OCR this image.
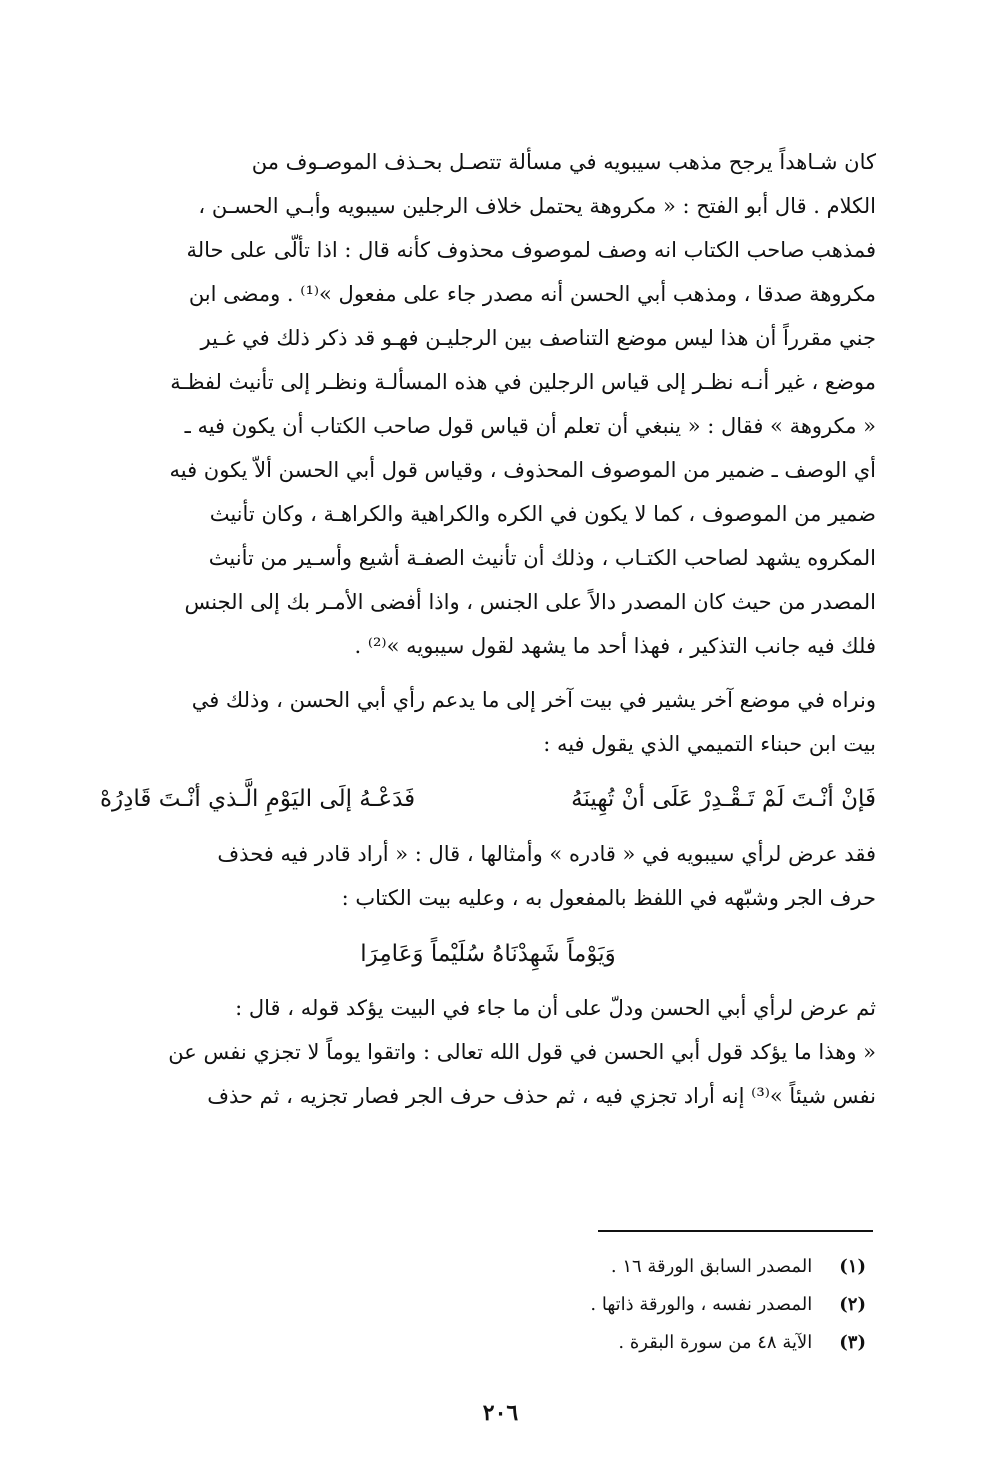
كان شـاهداً يرجح مذهب سيبويه في مسألة تتصـل بحـذف الموصـوف من

الكلام . قال أبو الفتح : « مكروهة يحتمل خلاف الرجلين سيبويه وأبـي الحسـن ،

فمذهب صاحب الكتاب انه وصف لموصوف محذوف كأنه قال : اذا تألّى على حالة

مكروهة صدقا ، ومذهب أبي الحسن أنه مصدر جاء على مفعول »⁽¹⁾ . ومضى ابن

جني مقرراً أن هذا ليس موضع التناصف بين الرجليـن فهـو قد ذكر ذلك في غـير

موضع ، غير أنـه نظـر إلى قياس الرجلين في هذه المسألـة ونظـر إلى تأنيث لفظـة

« مكروهة » فقال : « ينبغي أن تعلم أن قياس قول صاحب الكتاب أن يكون فيه ـ

أي الوصف ـ ضمير من الموصوف المحذوف ، وقياس قول أبي الحسن ألاّ يكون فيه

ضمير من الموصوف ، كما لا يكون في الكره والكراهية والكراهـة ، وكان تأنيث

المكروه يشهد لصاحب الكتـاب ، وذلك أن تأنيث الصفـة أشيع وأسـير من تأنيث

المصدر من حيث كان المصدر دالاً على الجنس ، واذا أفضى الأمـر بك إلى الجنس

فلك فيه جانب التذكير ، فهذا أحد ما يشهد لقول سيبويه »⁽²⁾ .

ونراه في موضع آخر يشير في بيت آخر إلى ما يدعم رأي أبي الحسن ، وذلك في

بيت ابن حبناء التميمي الذي يقول فيه :

فَإنْ أنْـتَ لَمْ تَـقْـدِرْ عَلَى أنْ تُهِينَهُ
فَدَعْـهُ إلَى اليَوْمِ الَّـذي أنْـتَ قَادِرُهْ

فقد عرض لرأي سيبويه في « قادره » وأمثالها ، قال : « أراد قادر فيه فحذف

حرف الجر وشبّهه في اللفظ بالمفعول به ، وعليه بيت الكتاب :

وَيَوْماً شَهِدْنَاهُ سُلَيْماً وَعَامِرَا

ثم عرض لرأي أبي الحسن ودلّ على أن ما جاء في البيت يؤكد قوله ، قال :

« وهذا ما يؤكد قول أبي الحسن في قول الله تعالى : واتقوا يوماً لا تجزي نفس عن

نفس شيئاً »⁽³⁾ إنه أراد تجزي فيه ، ثم حذف حرف الجر فصار تجزيه ، ثم حذف

(١) المصدر السابق الورقة ١٦ .
(٢) المصدر نفسه ، والورقة ذاتها .
(٣) الآية ٤٨ من سورة البقرة .
٢٠٦
